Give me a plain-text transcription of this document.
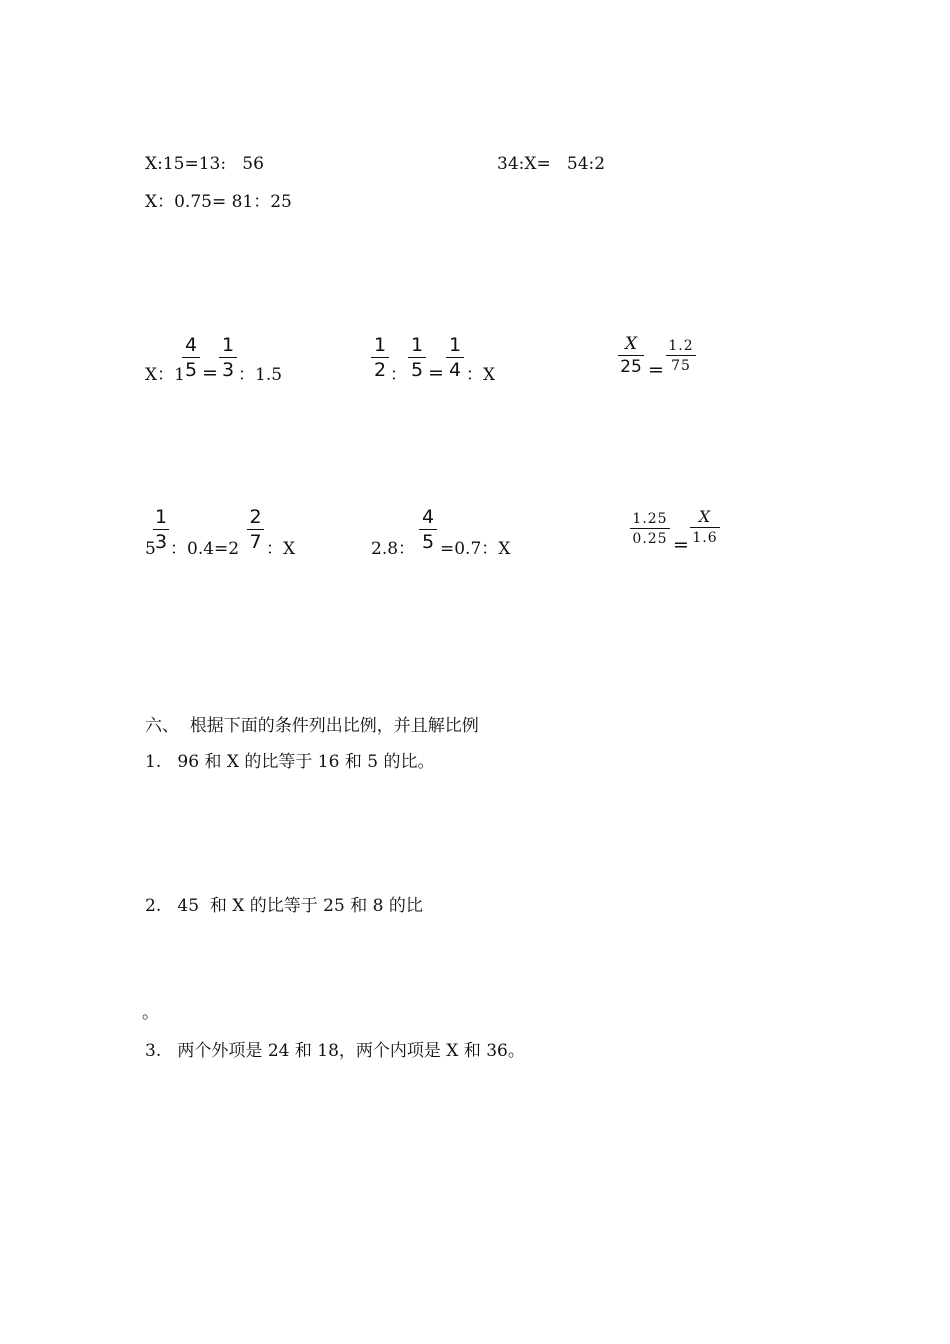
X:15=13:   56	34:X=   54:2
X：0.75= 81：25
X：1
4
5 =
1
3 ：1.5
1
2 ：
1
5 =
1
4 ：X
X
25 =
1.2
75
5
1
3 ：0.4=2
2
7 ：X	2.8：
4
5 =0.7：X
1.25
0.25 =
X
1.6
六、  根据下面的条件列出比例，并且解比例
1.   96 和 X 的比等于 16 和 5 的比。
2.   45  和 X 的比等于 25 和 8 的比
。
3.   两个外项是 24 和 18，两个内项是 X 和 36。
